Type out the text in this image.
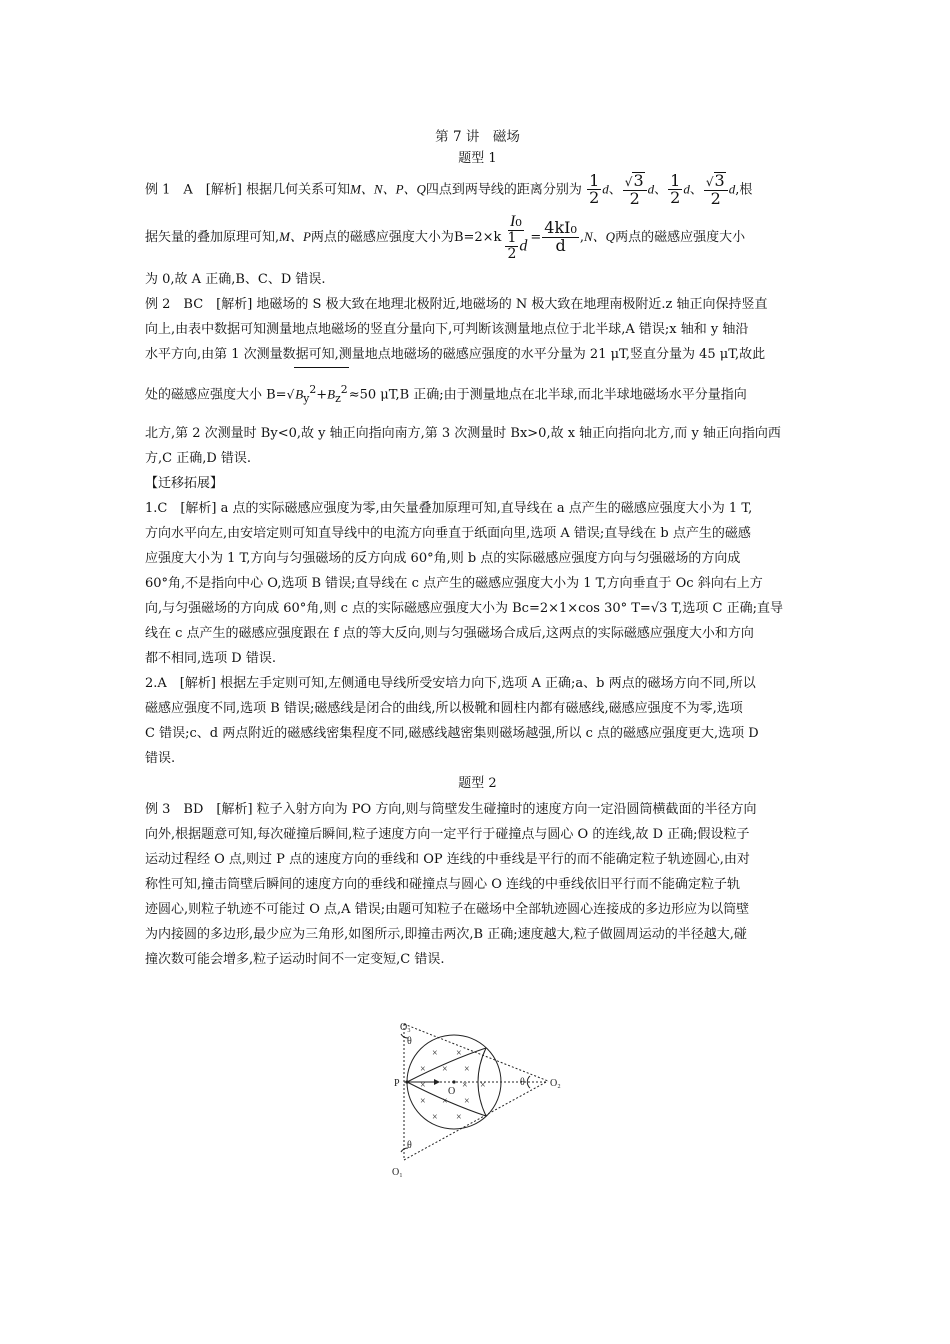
第 7 讲　磁场
题型 1

例 1　A　[解析] 根据几何关系可知M、N、P、Q四点到两导线的距离分别为 $\frac{1}{2}$ d、 $\frac{√3}{2}$ d、 $\frac{1}{2}$ d、 $\frac{√3}{2} d$,根

据矢量的叠加原理可知,M、P两点的磁感应强度大小为$B=2\times k \frac{\text{I₀}}{\frac{1}{2} d} = \frac{\text{4kI₀}}{d} ,N$、Q两点的磁感应强度大小

为 0,故 A 正确,B、C、D 错误.

例 2　BC　[解析] 地磁场的 S 极大致在地理北极附近,地磁场的 N 极大致在地理南极附近.z 轴正向保持竖直

向上,由表中数据可知测量地点地磁场的竖直分量向下,可判断该测量地点位于北半球,A 错误;x 轴和 y 轴沿

水平方向,由第 1 次测量数据可知,测量地点地磁场的磁感应强度的水平分量为 21 μT,竖直分量为 45 μT,故此

处的磁感应强度大小 $B=√B_y^2+B_z^2\approx 50$ μT,B 正确;由于测量地点在北半球,而北半球地磁场水平分量指向

北方,第 2 次测量时 By<0,故 y 轴正向指向南方,第 3 次测量时 Bx>0,故 x 轴正向指向北方,而 y 轴正向指向西

方,C 正确,D 错误.

【迁移拓展】

1.C　[解析] a 点的实际磁感应强度为零,由矢量叠加原理可知,直导线在 a 点产生的磁感应强度大小为 1 T,

方向水平向左,由安培定则可知直导线中的电流方向垂直于纸面向里,选项 A 错误;直导线在 b 点产生的磁感

应强度大小为 1 T,方向与匀强磁场的反方向成 60°角,则 b 点的实际磁感应强度方向与匀强磁场的方向成

60°角,不是指向中心 O,选项 B 错误;直导线在 c 点产生的磁感应强度大小为 1 T,方向垂直于 Oc 斜向右上方

向,与匀强磁场的方向成 60°角,则 c 点的实际磁感应强度大小为 Bc=2×1×cos 30° T=√3 T,选项 C 正确;直导

线在 c 点产生的磁感应强度跟在 f 点的等大反向,则与匀强磁场合成后,这两点的实际磁感应强度大小和方向

都不相同,选项 D 错误.

2.A　[解析] 根据左手定则可知,左侧通电导线所受安培力向下,选项 A 正确;a、b 两点的磁场方向不同,所以

磁感应强度不同,选项 B 错误;磁感线是闭合的曲线,所以极靴和圆柱内都有磁感线,磁感应强度不为零,选项

C 错误;c、d 两点附近的磁感线密集程度不同,磁感线越密集则磁场越强,所以 c 点的磁感应强度更大,选项 D

错误.

题型 2

例 3　BD　[解析] 粒子入射方向为 PO 方向,则与筒壁发生碰撞时的速度方向一定沿圆筒横截面的半径方向

向外,根据题意可知,每次碰撞后瞬间,粒子速度方向一定平行于碰撞点与圆心 O 的连线,故 D 正确;假设粒子

运动过程经 O 点,则过 P 点的速度方向的垂线和 OP 连线的中垂线是平行的而不能确定粒子轨迹圆心,由对

称性可知,撞击筒壁后瞬间的速度方向的垂线和碰撞点与圆心 O 连线的中垂线依旧平行而不能确定粒子轨

迹圆心,则粒子轨迹不可能过 O 点,A 错误;由题可知粒子在磁场中全部轨迹圆心连接成的多边形应为以筒壁

为内接圆的多边形,最少应为三角形,如图所示,即撞击两次,B 正确;速度越大,粒子做圆周运动的半径越大,碰

撞次数可能会增多,粒子运动时间不一定变短,C 错误.

× ×
× × ×
×	× ×
× × ×
× ×
O₃
O₂
O₁
P
O
θ
θ
θ
